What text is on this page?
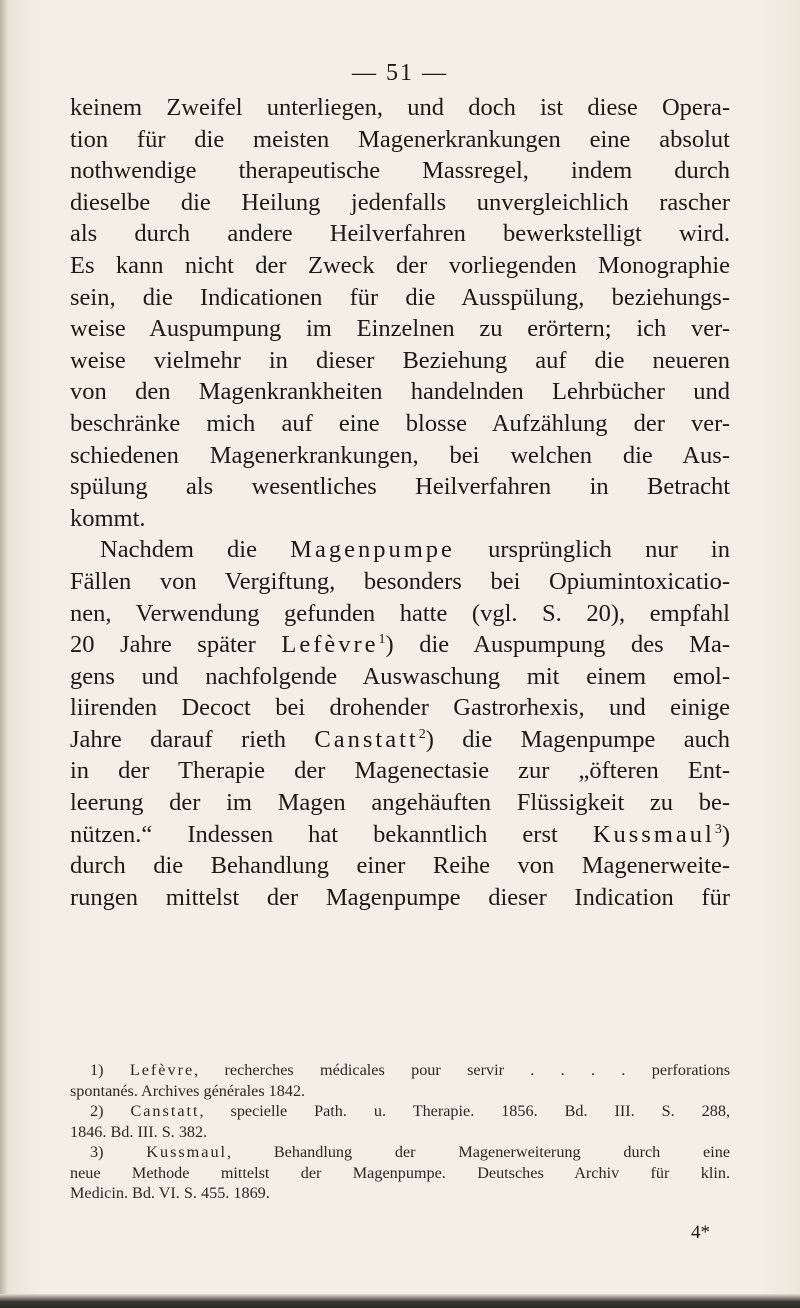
— 51 —
keinem Zweifel unterliegen, und doch ist diese Opera-
tion für die meisten Magenerkrankungen eine absolut
nothwendige therapeutische Massregel, indem durch
dieselbe die Heilung jedenfalls unvergleichlich rascher
als durch andere Heilverfahren bewerkstelligt wird.
Es kann nicht der Zweck der vorliegenden Monographie
sein, die Indicationen für die Ausspülung, beziehungs-
weise Auspumpung im Einzelnen zu erörtern; ich ver-
weise vielmehr in dieser Beziehung auf die neueren
von den Magenkrankheiten handelnden Lehrbücher und
beschränke mich auf eine blosse Aufzählung der ver-
schiedenen Magenerkrankungen, bei welchen die Aus-
spülung als wesentliches Heilverfahren in Betracht
kommt.
Nachdem die Magenpumpe ursprünglich nur in
Fällen von Vergiftung, besonders bei Opiumintoxicatio-
nen, Verwendung gefunden hatte (vgl. S. 20), empfahl
20 Jahre später Lefèvre$^1$) die Auspumpung des Ma-
gens und nachfolgende Auswaschung mit einem emol-
liirenden Decoct bei drohender Gastrorhexis, und einige
Jahre darauf rieth Canstatt$^2$) die Magenpumpe auch
in der Therapie der Magenectasie zur „öfteren Ent-
leerung der im Magen angehäuften Flüssigkeit zu be-
nützen.“ Indessen hat bekanntlich erst Kussmaul$^3$)
durch die Behandlung einer Reihe von Magenerweite-
rungen mittelst der Magenpumpe dieser Indication für
1) Lefèvre, recherches médicales pour servir . . . . perforations
spontanés. Archives générales 1842.
2) Canstatt, specielle Path. u. Therapie. 1856. Bd. III. S. 288,
1846. Bd. III. S. 382.
3) Kussmaul, Behandlung der Magenerweiterung durch eine
neue Methode mittelst der Magenpumpe. Deutsches Archiv für klin.
Medicin. Bd. VI. S. 455. 1869.
4*
